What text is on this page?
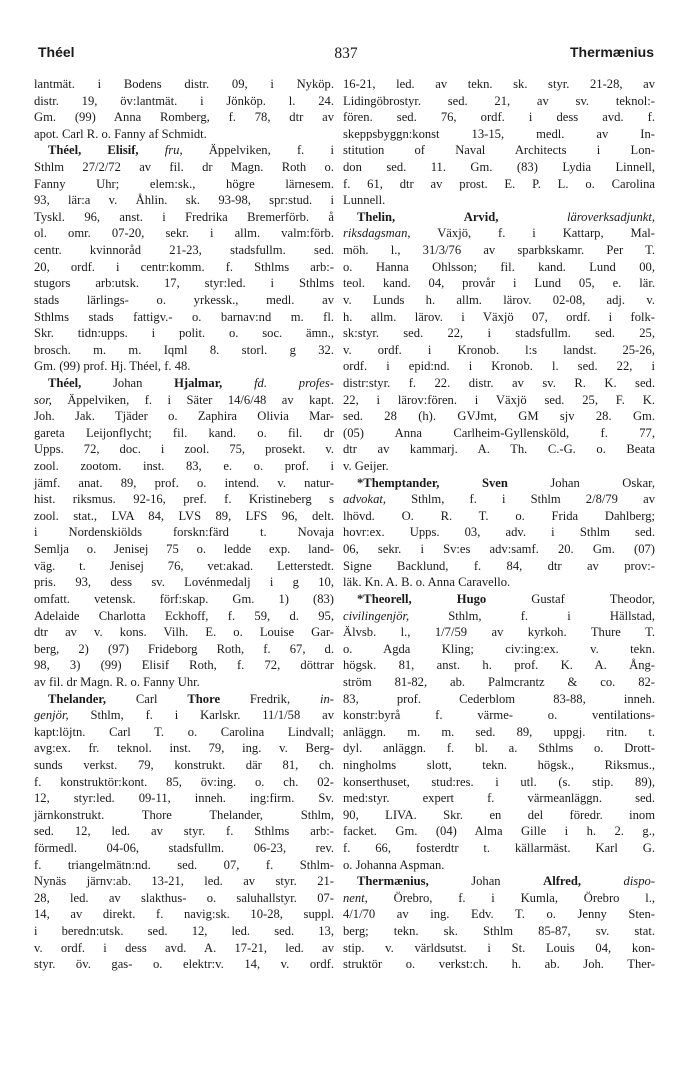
Théel	837	Thermænius
lantmät. i Bodens distr. 09, i Nyköp.
distr. 19, öv:lantmät. i Jönköp. l. 24.
Gm. (99) Anna Romberg, f. 78, dtr av
apot. Carl R. o. Fanny af Schmidt.
Théel, Elisif, fru, Äppelviken, f. i
Sthlm 27/2/72 av fil. dr Magn. Roth o.
Fanny Uhr; elem:sk., högre lärnesem.
93, lär:a v. Åhlin. sk. 93-98, spr:stud. i
Tyskl. 96, anst. i Fredrika Bremerförb. å
ol. omr. 07-20, sekr. i allm. valm:förb.
centr. kvinnoråd 21-23, stadsfullm. sed.
20, ordf. i centr:komm. f. Sthlms arb:-
stugors arb:utsk. 17, styr:led. i Sthlms
stads lärlings- o. yrkessk., medl. av
Sthlms stads fattigv.- o. barnav:nd m. fl.
Skr. tidn:upps. i polit. o. soc. ämn.,
brosch. m. m. Iqml 8. storl. g 32.
Gm. (99) prof. Hj. Théel, f. 48.
Théel, Johan Hjalmar,	fd. profes-
sor, Äppelviken, f. i Säter 14/6/48 av kapt.
Joh. Jak. Tjäder o. Zaphira Olivia Mar-
gareta Leijonflycht; fil. kand. o. fil. dr
Upps. 72, doc. i zool. 75, prosekt. v.
zool. zootom. inst. 83, e. o. prof. i
jämf. anat. 89, prof. o. intend. v. natur-
hist. riksmus. 92-16, pref. f. Kristineberg s
zool. stat., LVA 84, LVS 89, LFS 96, delt.
i Nordenskiölds forskn:färd t. Novaja
Semlja o. Jenisej 75 o. ledde exp. land-
väg. t. Jenisej 76, vet:akad. Letterstedt.
pris. 93, dess sv. Lovénmedalj i g 10,
omfatt. vetensk. förf:skap. Gm. 1) (83)
Adelaide Charlotta Eckhoff, f. 59, d. 95,
dtr av v. kons. Vilh. E. o. Louise Gar-
berg, 2) (97) Frideborg Roth, f. 67, d.
98, 3) (99) Elisif Roth, f. 72, döttrar
av fil. dr Magn. R. o. Fanny Uhr.
Thelander, Carl Thore Fredrik, in-
genjör, Sthlm, f. i Karlskr. 11/1/58 av
kapt:löjtn. Carl T. o. Carolina Lindvall;
avg:ex. fr. teknol. inst. 79, ing. v. Berg-
sunds verkst. 79, konstrukt. där 81, ch.
f. konstruktör:kont. 85, öv:ing. o. ch. 02-
12, styr:led. 09-11, inneh. ing:firm. Sv.
järnkonstrukt. Thore Thelander, Sthlm,
sed. 12, led. av styr. f. Sthlms arb:-
förmedl. 04-06, stadsfullm. 06-23, rev.
f. triangelmätn:nd. sed. 07, f. Sthlm-
Nynäs järnv:ab. 13-21, led. av styr. 21-
28, led. av slakthus- o. saluhallstyr. 07-
14, av direkt. f. navig:sk. 10-28, suppl.
i beredn:utsk. sed. 12, led. sed. 13,
v. ordf. i dess avd. A. 17-21, led. av
styr. öv. gas- o. elektr:v. 14, v. ordf.
16-21, led. av tekn. sk. styr. 21-28, av
Lidingöbrostyr. sed. 21, av sv. teknol:-
fören. sed. 76, ordf. i dess avd. f.
skeppsbyggn:konst 13-15, medl. av In-
stitution of Naval Architects i Lon-
don sed. 11. Gm. (83) Lydia Linnell,
f. 61, dtr av prost. E. P. L. o. Carolina
Lunnell.
Thelin,	Arvid,	läroverksadjunkt,
riksdagsman, Växjö, f. i Kattarp, Mal-
möh. l., 31/3/76 av sparbkskamr. Per T.
o. Hanna Ohlsson; fil. kand. Lund 00,
teol. kand. 04, provår i Lund 05, e. lär.
v. Lunds h. allm. lärov. 02-08, adj. v.
h. allm. lärov. i Växjö 07, ordf. i folk-
sk:styr. sed. 22, i stadsfullm. sed. 25,
v. ordf. i Kronob. l:s landst. 25-26,
ordf. i epid:nd. i Kronob. l. sed. 22, i
distr:styr. f. 22. distr. av sv. R. K. sed.
22, i lärov:fören. i Växjö sed. 25, F. K.
sed. 28 (h). GVJmt, GM sjv 28. Gm.
(05) Anna Carlheim-Gyllensköld, f. 77,
dtr av kammarj. A. Th. C.-G. o. Beata
v. Geijer.
*Themptander,	Sven Johan Oskar,
advokat, Sthlm, f. i Sthlm 2/8/79 av
lhövd. O. R. T. o. Frida Dahlberg;
hovr:ex. Upps. 03, adv. i Sthlm sed.
06, sekr. i Sv:es adv:samf. 20. Gm. (07)
Signe Backlund, f. 84, dtr av prov:-
läk. Kn. A. B. o. Anna Caravello.
*Theorell,	Hugo Gustaf Theodor,
civilingenjör, Sthlm, f. i Hällstad,
Älvsb. l., 1/7/59 av kyrkoh. Thure T.
o. Agda Kling; civ:ing:ex. v. tekn.
högsk. 81, anst. h. prof. K. A. Ång-
ström 81-82, ab. Palmcrantz & co. 82-
83, prof. Cederblom 83-88, inneh.
konstr:byrå f. värme- o. ventilations-
anläggn. m. m. sed. 89, uppgj. ritn. t.
dyl. anläggn. f. bl. a. Sthlms o. Drott-
ningholms slott, tekn. högsk., Riksmus.,
konserthuset, stud:res. i utl. (s. stip. 89),
med:styr. expert f. värmeanläggn. sed.
90, LIVA. Skr. en del föredr. inom
facket. Gm. (04) Alma Gille i h. 2. g.,
f. 66, fosterdtr t. källarmäst. Karl G.
o. Johanna Aspman.
Thermænius, Johan Alfred,	dispo-
nent, Örebro, f. i Kumla, Örebro l.,
4/1/70 av ing. Edv. T. o. Jenny Sten-
berg; tekn. sk. Sthlm 85-87, sv. stat.
stip. v. världsutst. i St. Louis 04, kon-
struktör o. verkst:ch. h. ab. Joh. Ther-
